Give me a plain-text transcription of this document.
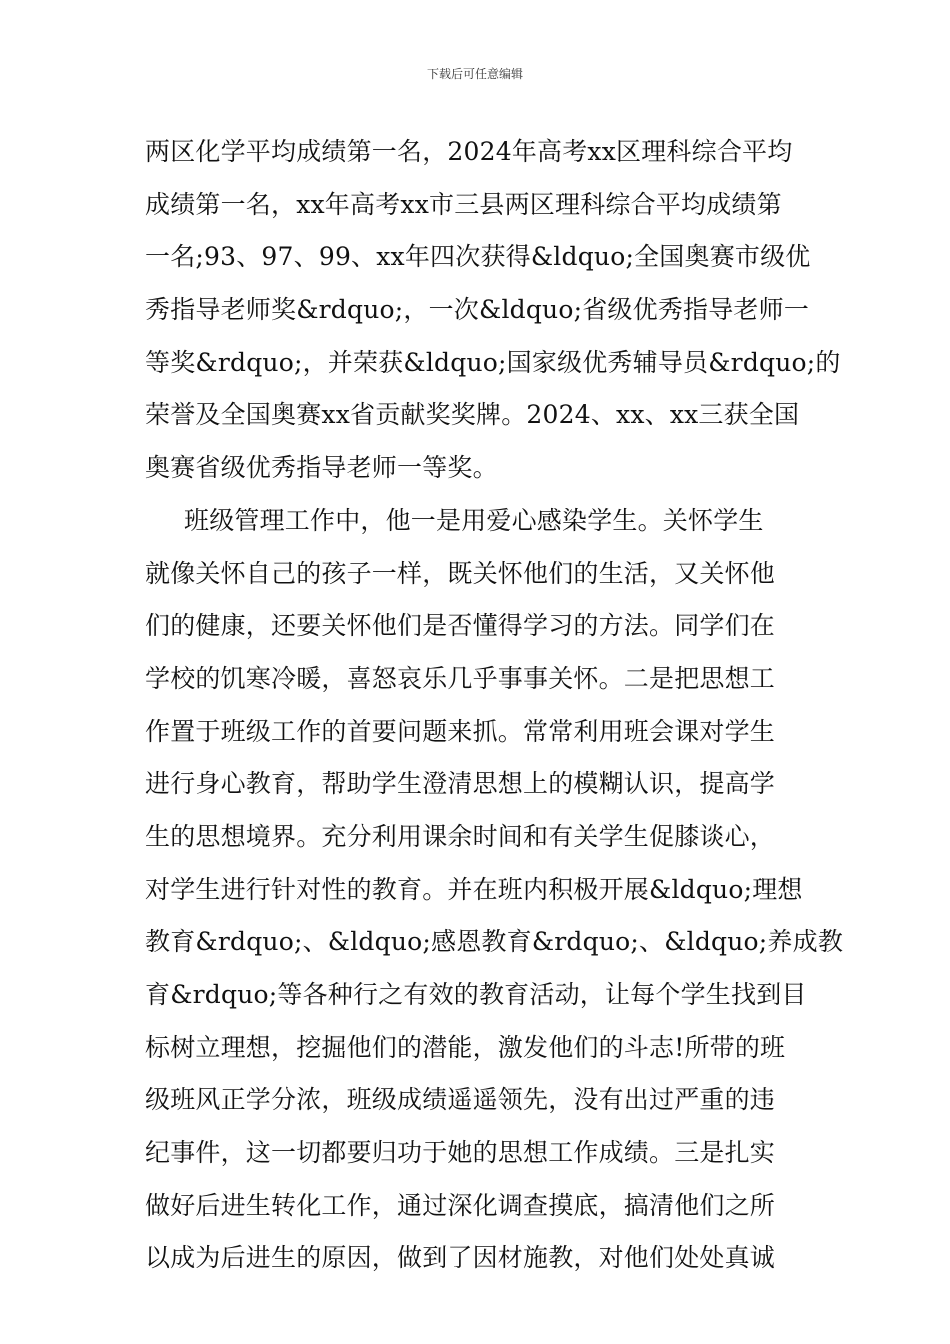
下载后可任意编辑
两区化学平均成绩第一名，2024年高考xx区理科综合平均
成绩第一名，xx年高考xx市三县两区理科综合平均成绩第
一名;93、97、99、xx年四次获得&ldquo;全国奥赛市级优
秀指导老师奖&rdquo;，一次&ldquo;省级优秀指导老师一
等奖&rdquo;，并荣获&ldquo;国家级优秀辅导员&rdquo;的
荣誉及全国奥赛xx省贡献奖奖牌。2024、xx、xx三获全国
奥赛省级优秀指导老师一等奖。
班级管理工作中，他一是用爱心感染学生。关怀学生
就像关怀自己的孩子一样，既关怀他们的生活，又关怀他
们的健康，还要关怀他们是否懂得学习的方法。同学们在
学校的饥寒冷暖，喜怒哀乐几乎事事关怀。二是把思想工
作置于班级工作的首要问题来抓。常常利用班会课对学生
进行身心教育，帮助学生澄清思想上的模糊认识，提高学
生的思想境界。充分利用课余时间和有关学生促膝谈心，
对学生进行针对性的教育。并在班内积极开展&ldquo;理想
教育&rdquo;、&ldquo;感恩教育&rdquo;、&ldquo;养成教
育&rdquo;等各种行之有效的教育活动，让每个学生找到目
标树立理想，挖掘他们的潜能，激发他们的斗志!所带的班
级班风正学分浓，班级成绩遥遥领先，没有出过严重的违
纪事件，这一切都要归功于她的思想工作成绩。三是扎实
做好后进生转化工作，通过深化调查摸底，搞清他们之所
以成为后进生的原因，做到了因材施教，对他们处处真诚
